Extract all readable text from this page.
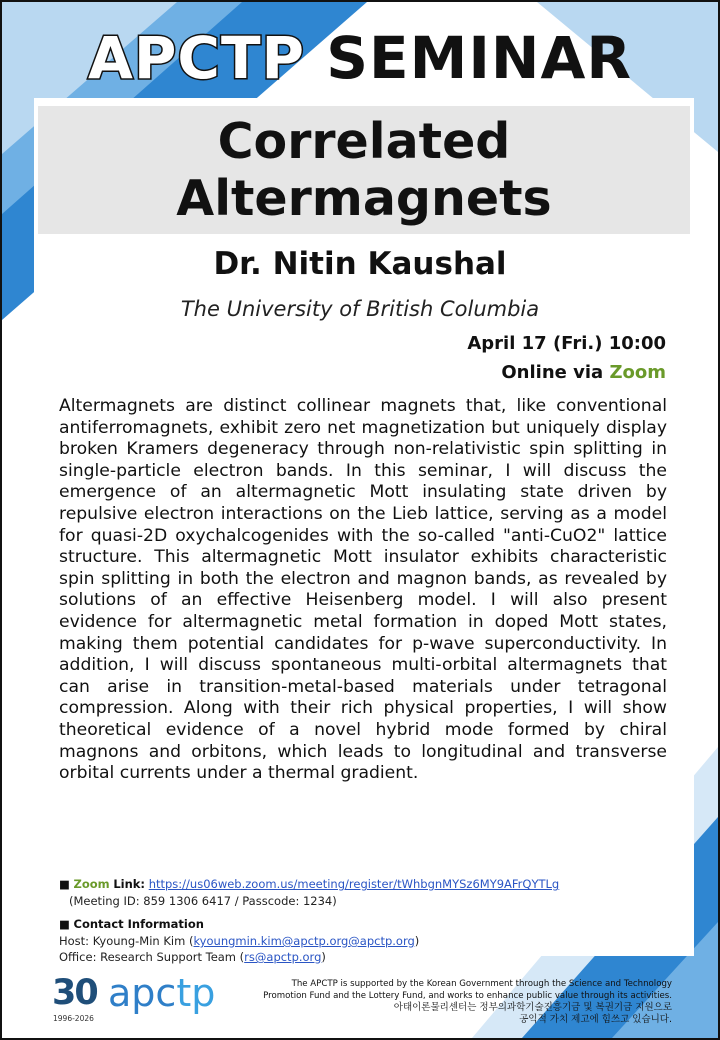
APCTP SEMINAR
Correlated
Altermagnets
Dr. Nitin Kaushal
The University of British Columbia
April 17 (Fri.) 10:00
Online via Zoom
Altermagnets are distinct collinear magnets that, like conventional antiferromagnets, exhibit zero net magnetization but uniquely display broken Kramers degeneracy through non-relativistic spin splitting in single-particle electron bands. In this seminar, I will discuss the emergence of an altermagnetic Mott insulating state driven by repulsive electron interactions on the Lieb lattice, serving as a model for quasi-2D oxychalcogenides with the so-called "anti-CuO2" lattice structure. This altermagnetic Mott insulator exhibits characteristic spin splitting in both the electron and magnon bands, as revealed by solutions of an effective Heisenberg model. I will also present evidence for altermagnetic metal formation in doped Mott states, making them potential candidates for p-wave superconductivity. In addition, I will discuss spontaneous multi-orbital altermagnets that can arise in transition-metal-based materials under tetragonal compression. Along with their rich physical properties, I will show theoretical evidence of a novel hybrid mode formed by chiral magnons and orbitons, which leads to longitudinal and transverse orbital currents under a thermal gradient.
■ Zoom Link: https://us06web.zoom.us/meeting/register/tWhbgnMYSz6MY9AFrQYTLg
(Meeting ID: 859 1306 6417 / Passcode: 1234)
■ Contact Information
Host: Kyoung-Min Kim (kyoungmin.kim@apctp.org@apctp.org)
Office: Research Support Team (rs@apctp.org)
30
1996-2026
apctp	The APCTP is supported by the Korean Government through the Science and Technology
Promotion Fund and the Lottery Fund, and works to enhance public value through its activities.
아태이론물리센터는 정부의과학기술진흥기금 및 복권기금 지원으로
공익적 가치 제고에 힘쓰고 있습니다.
